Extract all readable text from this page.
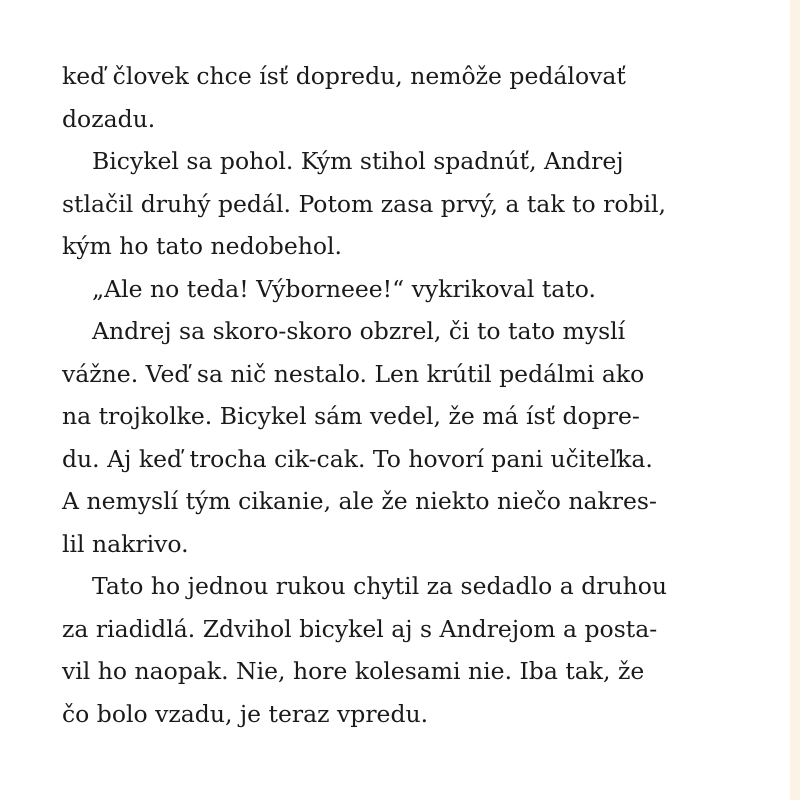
keď človek chce ísť dopredu, nemôže pedálovať
dozadu.
Bicykel sa pohol. Kým stihol spadnúť, Andrej
stlačil druhý pedál. Potom zasa prvý, a tak to robil,
kým ho tato nedobehol.
„Ale no teda! Výborneee!“ vykrikoval tato.
Andrej sa skoro-skoro obzrel, či to tato myslí
vážne. Veď sa nič nestalo. Len krútil pedálmi ako
na trojkolke. Bicykel sám vedel, že má ísť dopre-
du. Aj keď trocha cik-cak. To hovorí pani učiteľka.
A nemyslí tým cikanie, ale že niekto niečo nakres-
lil nakrivo.
Tato ho jednou rukou chytil za sedadlo a druhou
za riadidlá. Zdvihol bicykel aj s Andrejom a posta-
vil ho naopak. Nie, hore kolesami nie. Iba tak, že
čo bolo vzadu, je teraz vpredu.
